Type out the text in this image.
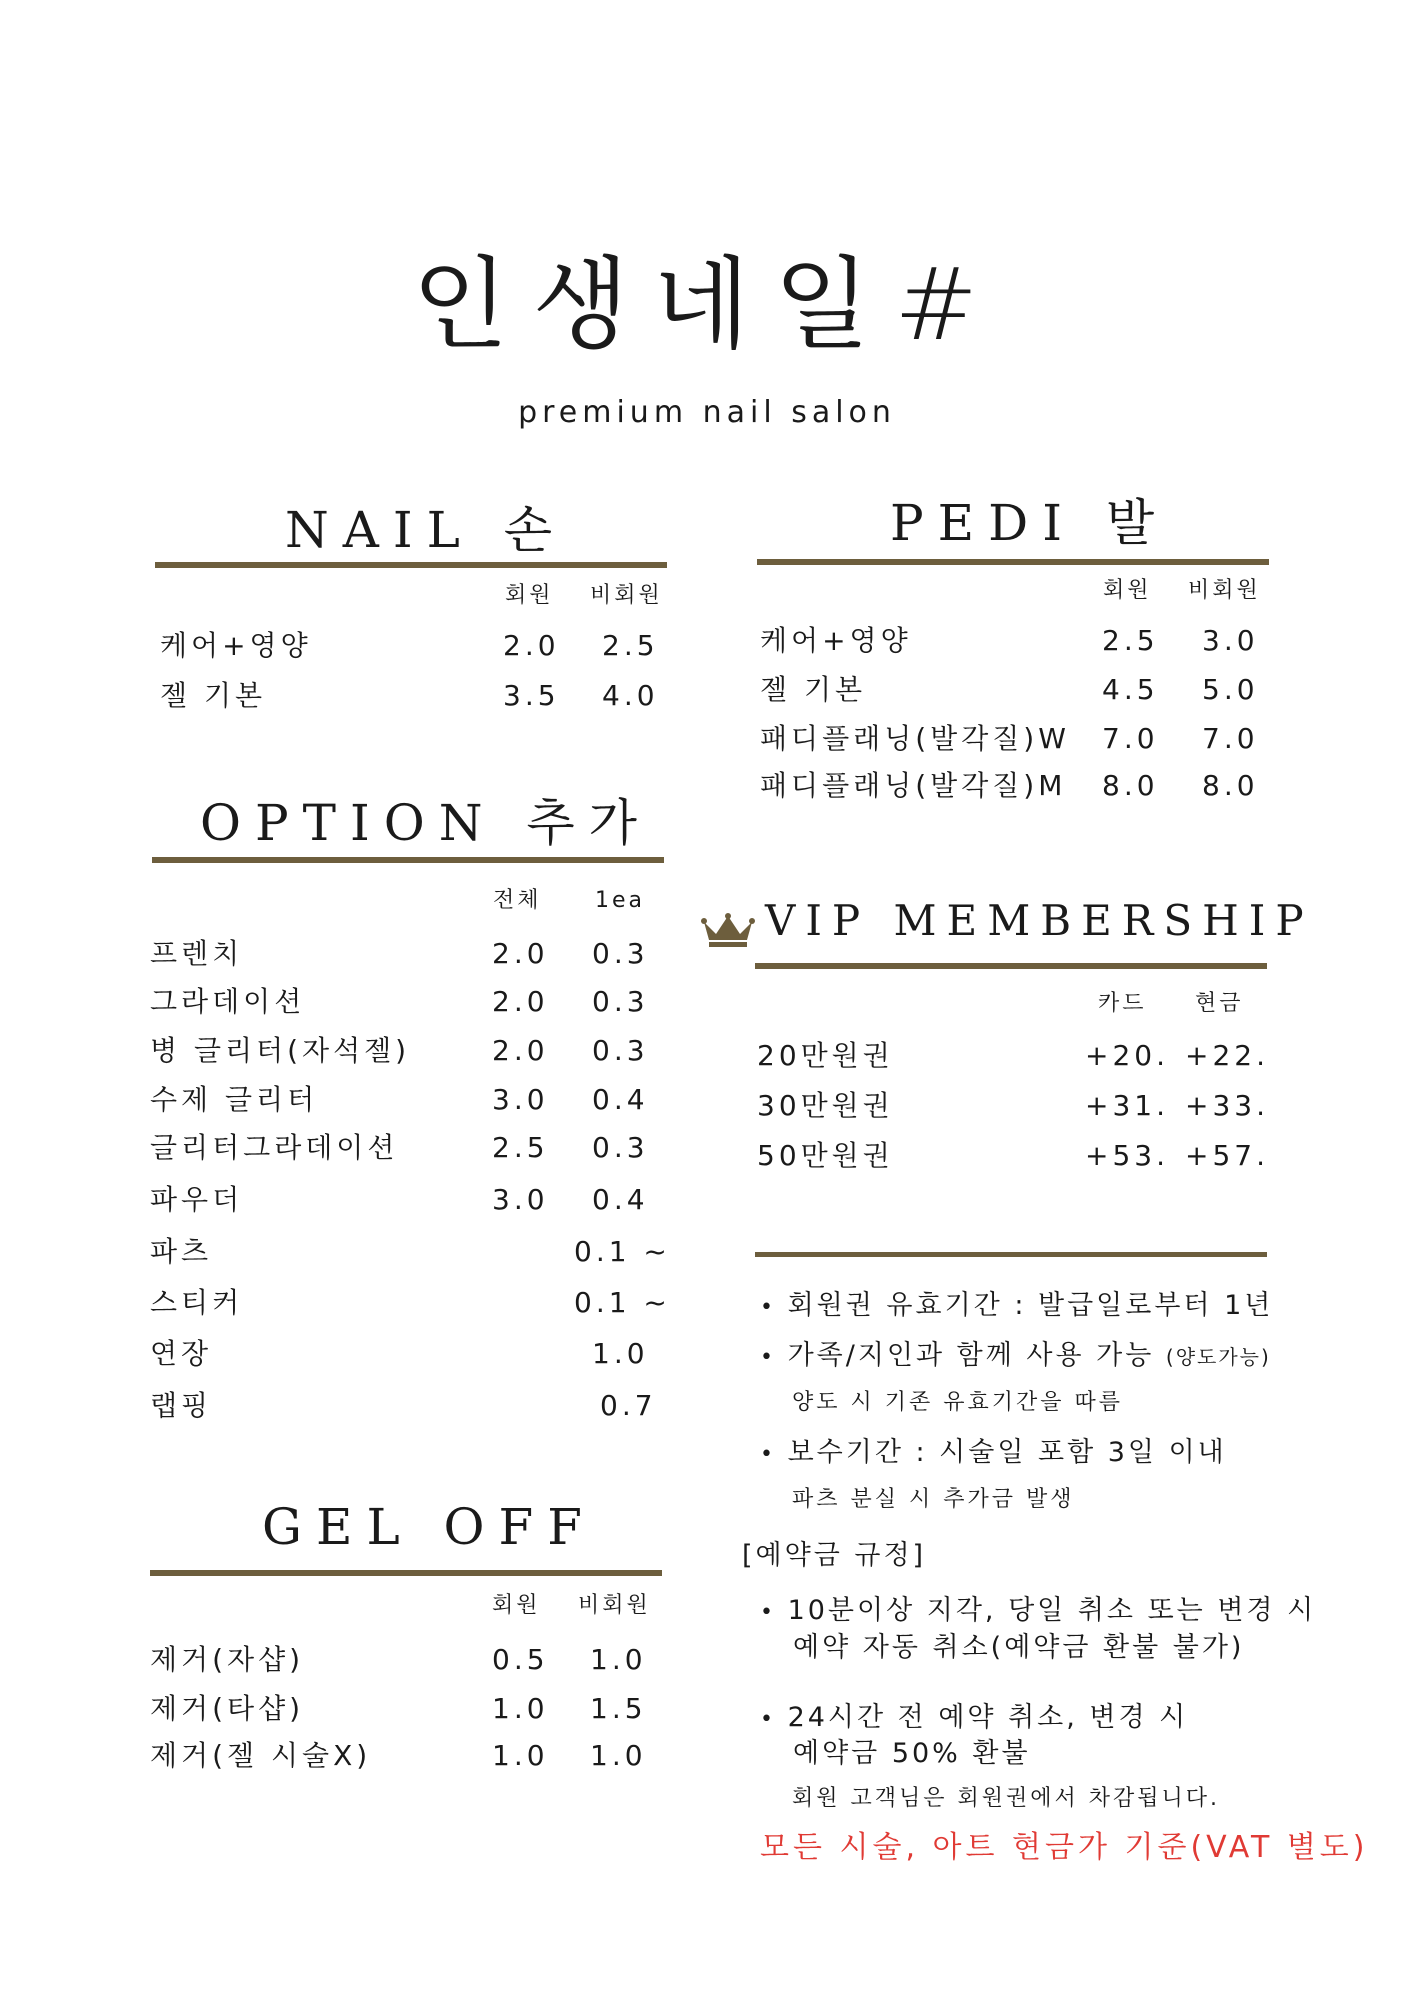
인생네일#
premium nail salon
NAIL 손
회원 비회원
케어+영양	2.0 2.5
젤 기본	3.5 4.0
OPTION 추가
전체 1ea
프렌치	2.0 0.3
그라데이션	2.0 0.3
병 글리터(자석젤)	2.0 0.3
수제 글리터	3.0 0.4
글리터그라데이션	2.5 0.3
파우더	3.0 0.4
파츠	0.1 ~
스티커	0.1 ~
연장	1.0
랩핑	0.7
GEL OFF
회원 비회원
제거(자샵)	0.5 1.0
제거(타샵)	1.0 1.5
제거(젤 시술X)	1.0 1.0
PEDI 발
회원 비회원
케어+영양	2.5 3.0
젤 기본	4.5 5.0
패디플래닝(발각질)W 7.0 7.0
패디플래닝(발각질)M 8.0 8.0
VIP MEMBERSHIP
카드 현금
20만원권	+20. +22.
30만원권	+31. +33.
50만원권	+53. +57.
• 회원권 유효기간 : 발급일로부터 1년
• 가족/지인과 함께 사용 가능 (양도가능)
양도 시 기존 유효기간을 따름
• 보수기간 : 시술일 포함 3일 이내
파츠 분실 시 추가금 발생
[예약금 규정]
• 10분이상 지각, 당일 취소 또는 변경 시
예약 자동 취소(예약금 환불 불가)
• 24시간 전 예약 취소, 변경 시
예약금 50% 환불
회원 고객님은 회원권에서 차감됩니다.
모든 시술, 아트 현금가 기준(VAT 별도)
